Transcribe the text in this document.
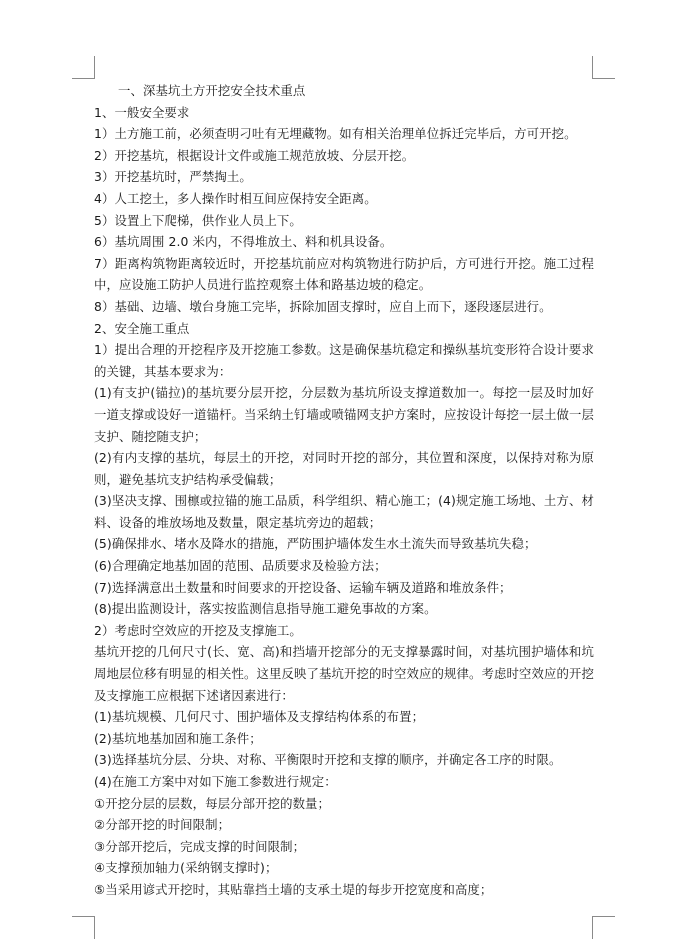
一、深基坑土方开挖安全技术重点

1、一般安全要求

1）土方施工前，必须查明刁吐有无埋藏物。如有相关治理单位拆迁完毕后，方可开挖。

2）开挖基坑，根据设计文件或施工规范放坡、分层开挖。

3）开挖基坑时，严禁掏土。

4）人工挖土，多人操作时相互间应保持安全距离。

5）设置上下爬梯，供作业人员上下。

6）基坑周围 2.0 米内，不得堆放土、料和机具设备。

7）距离构筑物距离较近时，开挖基坑前应对构筑物进行防护后，方可进行开挖。施工过程中，应设施工防护人员进行监控观察土体和路基边坡的稳定。

8）基础、边墙、墩台身施工完毕，拆除加固支撑时，应自上而下，逐段逐层进行。

2、安全施工重点

1）提出合理的开挖程序及开挖施工参数。这是确保基坑稳定和操纵基坑变形符合设计要求的关键，其基本要求为：

(1)有支护(锚拉)的基坑要分层开挖，分层数为基坑所设支撑道数加一。每挖一层及时加好一道支撑或设好一道锚杆。当采纳土钉墙或喷锚网支护方案时，应按设计每挖一层土做一层支护、随挖随支护；

(2)有内支撑的基坑，每层土的开挖，对同时开挖的部分，其位置和深度，以保持对称为原则，避免基坑支护结构承受偏载；

(3)坚决支撑、围檩或拉锚的施工品质，科学组织、精心施工；(4)规定施工场地、土方、材料、设备的堆放场地及数量，限定基坑旁边的超载；

(5)确保排水、堵水及降水的措施，严防围护墙体发生水土流失而导致基坑失稳；

(6)合理确定地基加固的范围、品质要求及检验方法；

(7)选择满意出土数量和时间要求的开挖设备、运输车辆及道路和堆放条件；

(8)提出监测设计，落实按监测信息指导施工避免事故的方案。

2）考虑时空效应的开挖及支撑施工。

基坑开挖的几何尺寸(长、宽、高)和挡墙开挖部分的无支撑暴露时间，对基坑围护墙体和坑周地层位移有明显的相关性。这里反映了基坑开挖的时空效应的规律。考虑时空效应的开挖及支撑施工应根据下述诸因素进行：

(1)基坑规模、几何尺寸、围护墙体及支撑结构体系的布置；

(2)基坑地基加固和施工条件；

(3)选择基坑分层、分块、对称、平衡限时开挖和支撑的顺序，并确定各工序的时限。

(4)在施工方案中对如下施工参数进行规定：

①开挖分层的层数，每层分部开挖的数量；

②分部开挖的时间限制；

③分部开挖后，完成支撑的时间限制；

④支撑预加轴力(采纳钢支撑时)；

⑤当采用谚式开挖时，其贴靠挡土墙的支承土堤的每步开挖宽度和高度；
